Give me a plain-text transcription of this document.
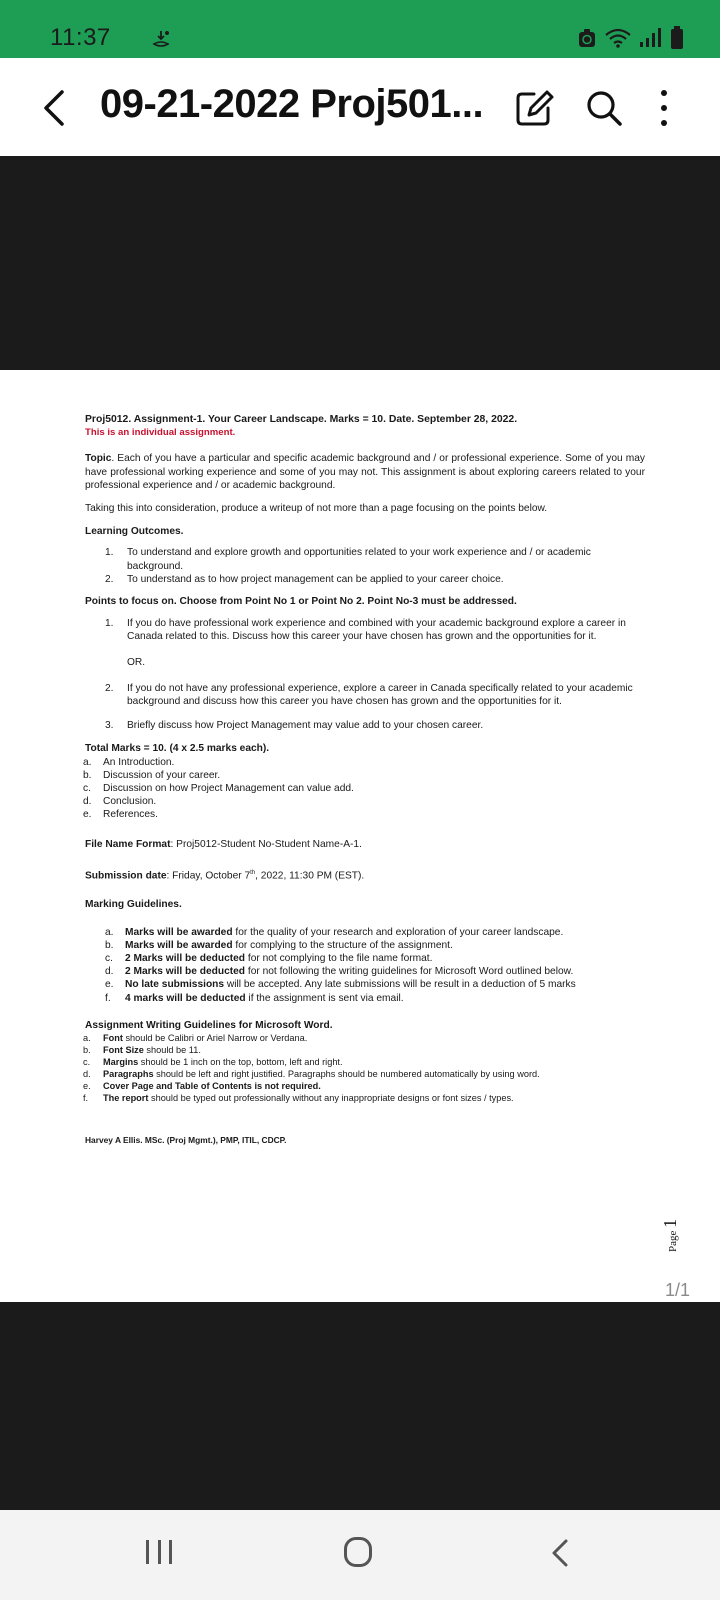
11:37
09-21-2022 Proj501...

Proj5012. Assignment-1. Your Career Landscape. Marks = 10. Date. September 28, 2022.

This is an individual assignment.

Topic. Each of you have a particular and specific academic background and / or professional experience. Some of you may have professional working experience and some of you may not. This assignment is about exploring careers related to your professional experience and / or academic background.

Taking this into consideration, produce a writeup of not more than a page focusing on the points below.

Learning Outcomes.

1. To understand and explore growth and opportunities related to your work experience and / or academic background.
2. To understand as to how project management can be applied to your career choice.

Points to focus on. Choose from Point No 1 or Point No 2. Point No-3 must be addressed.

1. If you do have professional work experience and combined with your academic background explore a career in Canada related to this. Discuss how this career your have chosen has grown and the opportunities for it.
OR.
2. If you do not have any professional experience, explore a career in Canada specifically related to your academic background and discuss how this career you have chosen has grown and the opportunities for it.
3. Briefly discuss how Project Management may value add to your chosen career.

Total Marks = 10. (4 x 2.5 marks each).

a. An Introduction.
b. Discussion of your career.
c. Discussion on how Project Management can value add.
d. Conclusion.
e. References.

File Name Format: Proj5012-Student No-Student Name-A-1.

Submission date: Friday, October 7th, 2022, 11:30 PM (EST).

Marking Guidelines.

a. Marks will be awarded for the quality of your research and exploration of your career landscape.
b. Marks will be awarded for complying to the structure of the assignment.
c. 2 Marks will be deducted for not complying to the file name format.
d. 2 Marks will be deducted for not following the writing guidelines for Microsoft Word outlined below.
e. No late submissions will be accepted. Any late submissions will be result in a deduction of 5 marks
f. 4 marks will be deducted if the assignment is sent via email.

Assignment Writing Guidelines for Microsoft Word.

a. Font should be Calibri or Ariel Narrow or Verdana.
b. Font Size should be 11.
c. Margins should be 1 inch on the top, bottom, left and right.
d. Paragraphs should be left and right justified. Paragraphs should be numbered automatically by using word.
e. Cover Page and Table of Contents is not required.
f. The report should be typed out professionally without any inappropriate designs or font sizes / types.

Harvey A Ellis. MSc. (Proj Mgmt.), PMP, ITIL, CDCP.

Page 1
1/1
